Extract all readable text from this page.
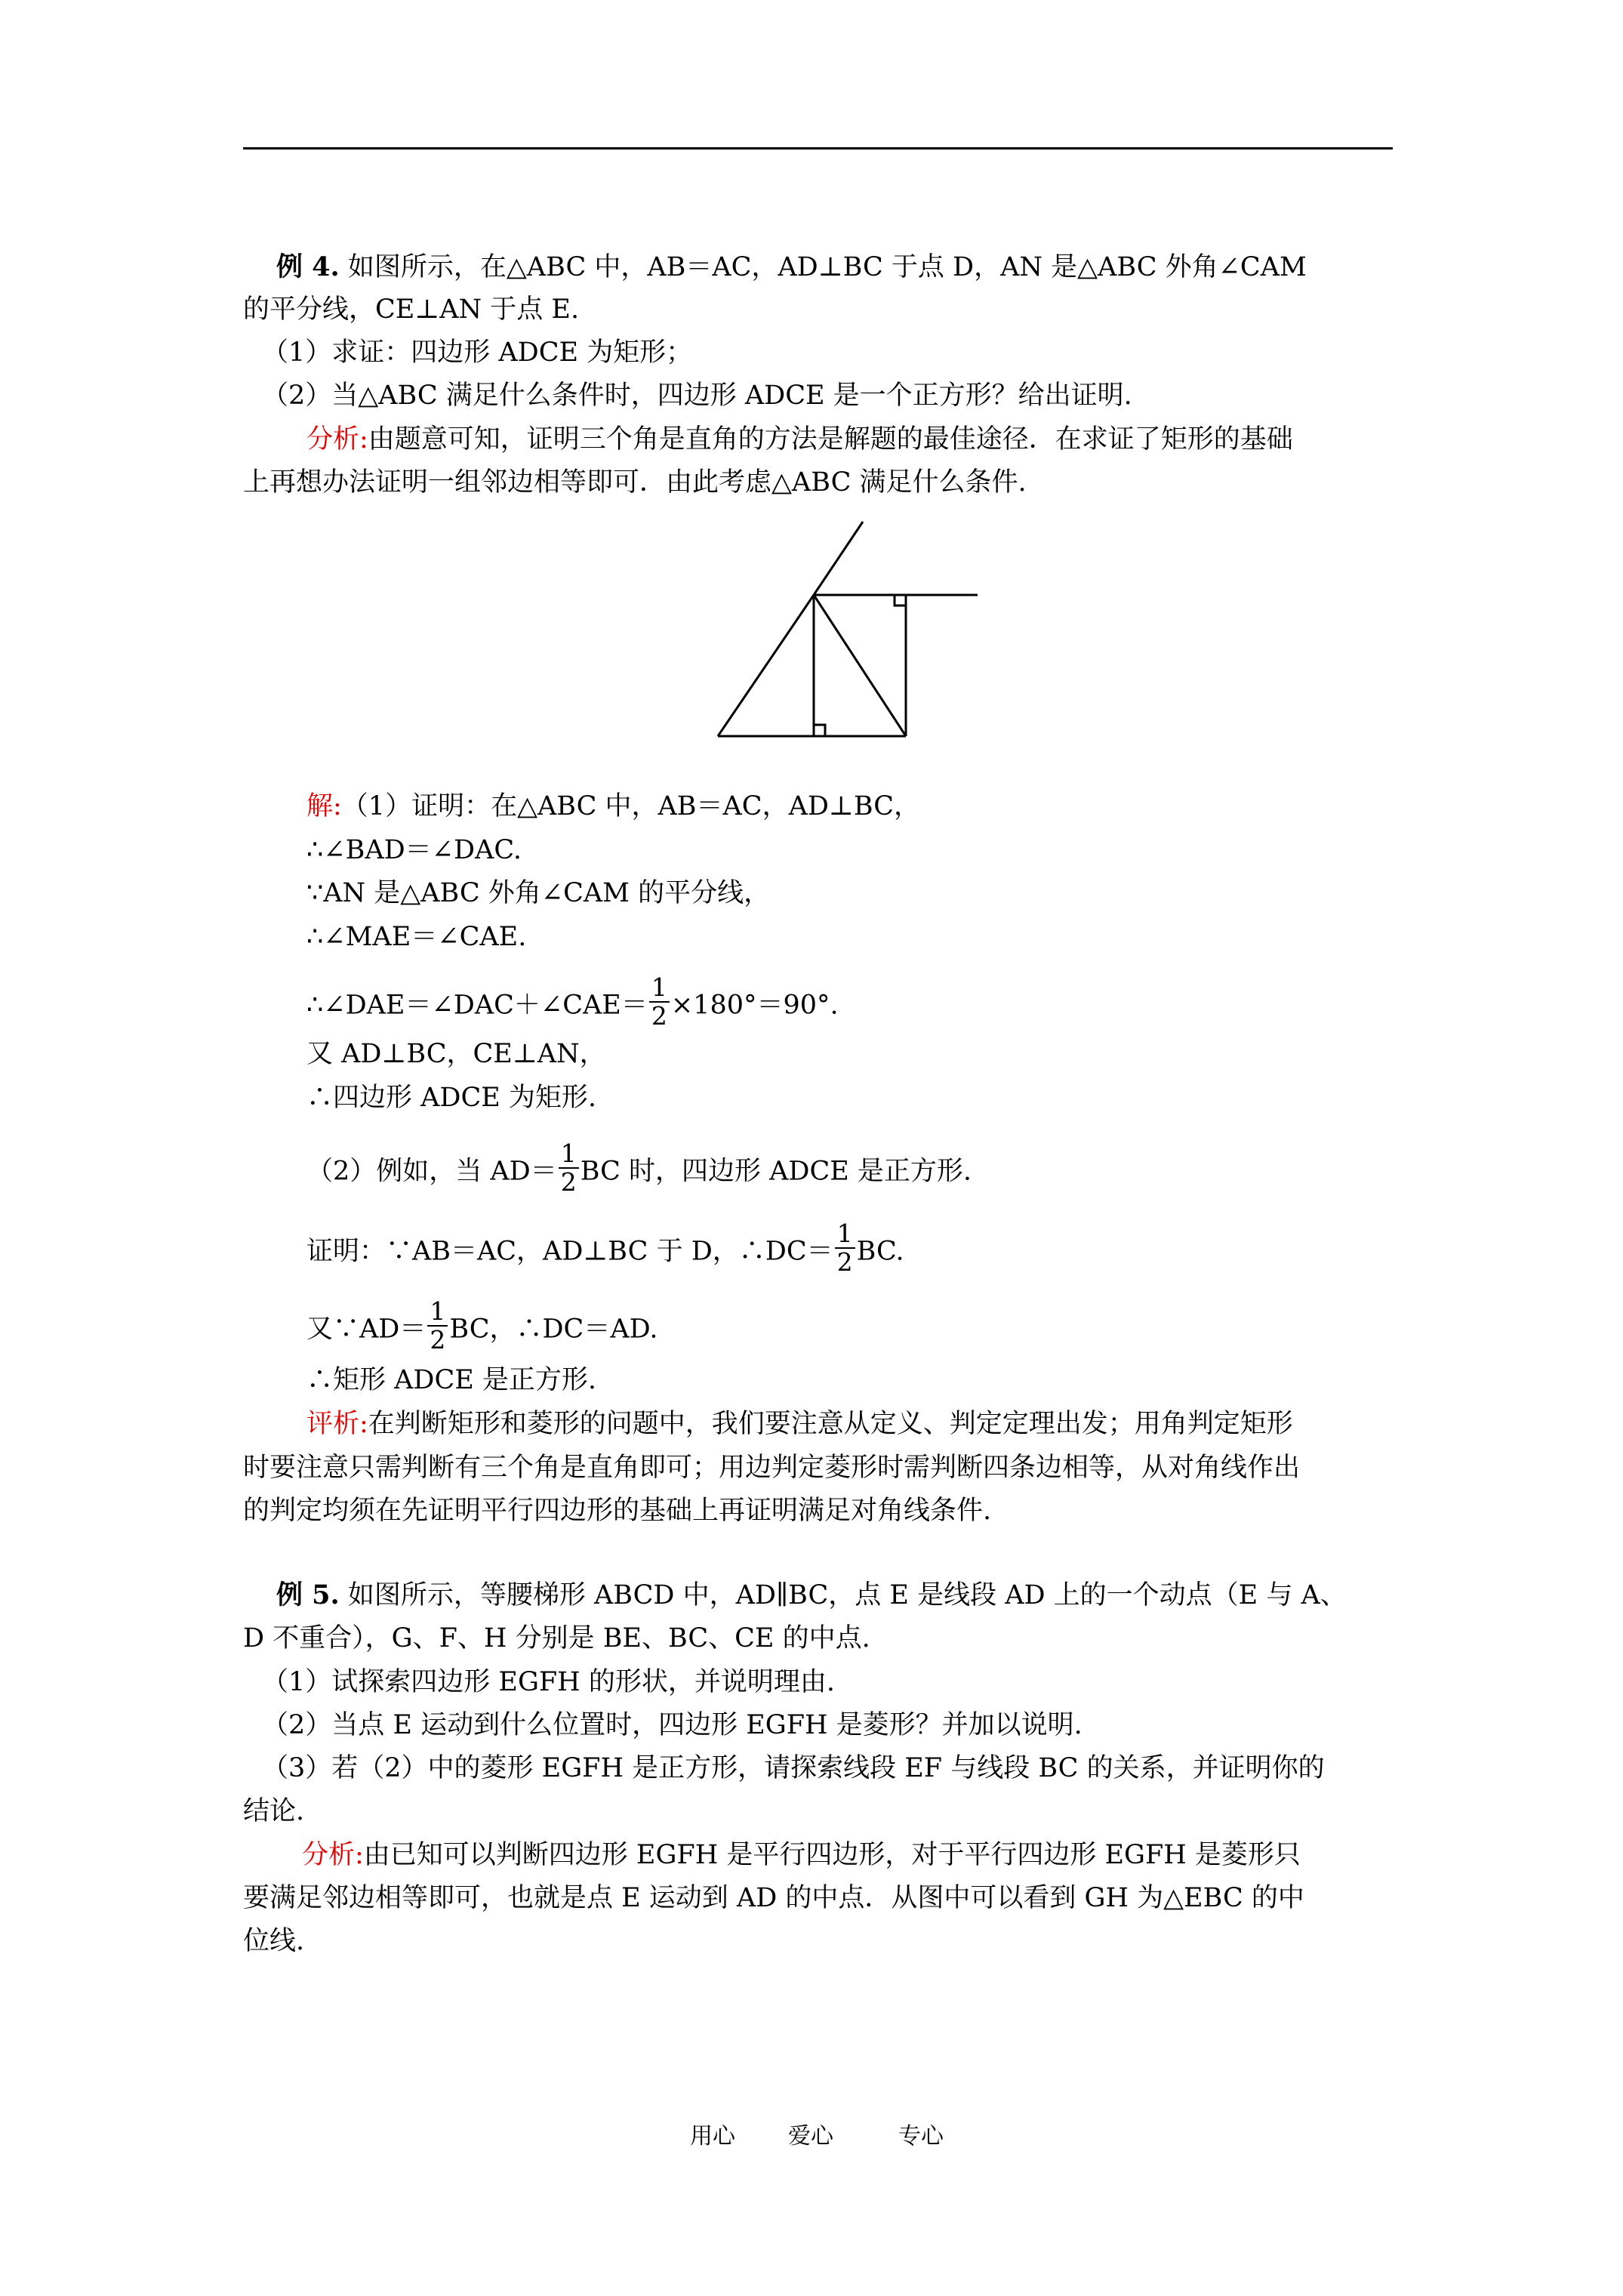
例 4. 如图所示，在△ABC 中，AB＝AC，AD⊥BC 于点 D，AN 是△ABC 外角∠CAM
的平分线，CE⊥AN 于点 E.
（1）求证：四边形 ADCE 为矩形；
（2）当△ABC 满足什么条件时，四边形 ADCE 是一个正方形？给出证明.
分析:由题意可知，证明三个角是直角的方法是解题的最佳途径．在求证了矩形的基础
上再想办法证明一组邻边相等即可．由此考虑△ABC 满足什么条件.
解:（1）证明：在△ABC 中，AB＝AC，AD⊥BC，
∴∠BAD＝∠DAC.
∵AN 是△ABC 外角∠CAM 的平分线，
∴∠MAE＝∠CAE.
∴∠DAE＝∠DAC＋∠CAE＝ $\frac{1}{2} \times 180^\circ=90^\circ$.
又 AD⊥BC，CE⊥AN，
∴四边形 ADCE 为矩形.
（2）例如，当 $AD= \frac{1}{2}$ BC 时，四边形 ADCE 是正方形.
证明：∵AB＝AC，AD⊥BC 于 D，∴DC＝ $\frac{1}{2}$ BC.
又∵AD＝ $\frac{1}{2}$ BC，∴DC＝AD.
∴矩形 ADCE 是正方形.
评析:在判断矩形和菱形的问题中，我们要注意从定义、判定定理出发；用角判定矩形
时要注意只需判断有三个角是直角即可；用边判定菱形时需判断四条边相等，从对角线作出
的判定均须在先证明平行四边形的基础上再证明满足对角线条件.
例 5. 如图所示，等腰梯形 ABCD 中，AD∥BC，点 E 是线段 AD 上的一个动点（E 与 A、
D 不重合），G、F、H 分别是 BE、BC、CE 的中点.
（1）试探索四边形 EGFH 的形状，并说明理由.
（2）当点 E 运动到什么位置时，四边形 EGFH 是菱形？并加以说明.
（3）若（2）中的菱形 EGFH 是正方形，请探索线段 EF 与线段 BC 的关系，并证明你的
结论.
分析:由已知可以判断四边形 EGFH 是平行四边形，对于平行四边形 EGFH 是菱形只
要满足邻边相等即可，也就是点 E 运动到 AD 的中点．从图中可以看到 GH 为△EBC 的中
位线.
用心 爱心	专心
